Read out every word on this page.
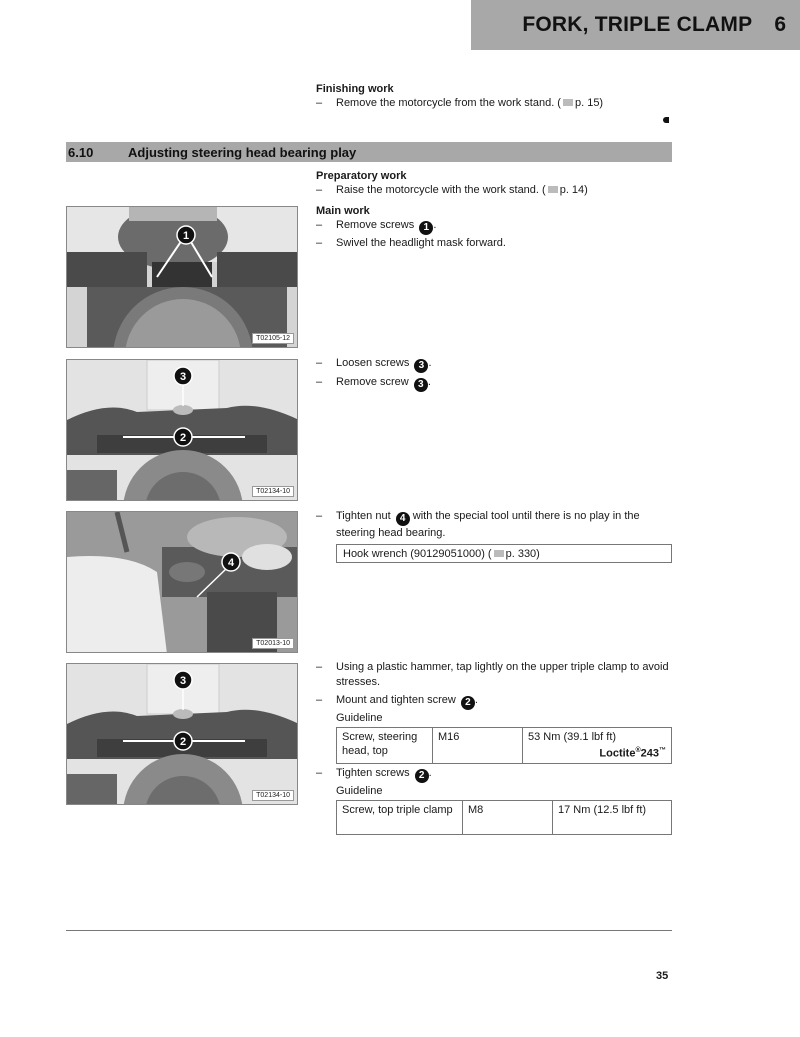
FORK, TRIPLE CLAMP 6
Finishing work
–	Remove the motorcycle from the work stand. ( p. 15)
6.10	Adjusting steering head bearing play
Preparatory work
–	Raise the motorcycle with the work stand. ( p. 14)
Main work
–	Remove screws 1 .
–	Swivel the headlight mask forward.
–	Loosen screws 3 .
–	Remove screw 3 .
–	Tighten nut 4 with the special tool until there is no play in the steering head bearing.
Hook wrench (90129051000) ( p. 330)
–	Using a plastic hammer, tap lightly on the upper triple clamp to avoid stresses.
–	Mount and tighten screw 2 .
Guideline
Screw, steering head, top	M16	53 Nm (39.1 lbf ft)
Loctite®243™
–	Tighten screws 2 .
Guideline
Screw, top triple clamp	M8	17 Nm (12.5 lbf ft)
1
T02105-12
3
2
T02134-10
4
T02013-10
3
2
T02134-10
35
